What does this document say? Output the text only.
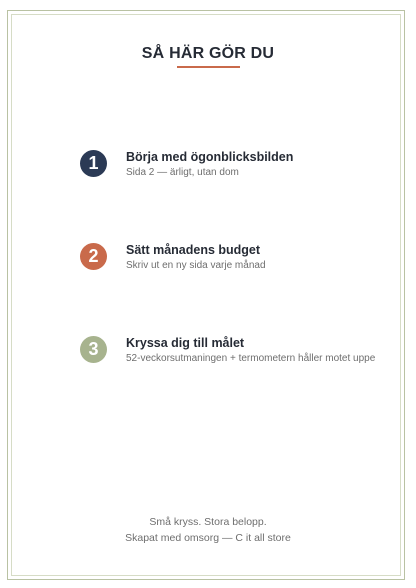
SÅ HÄR GÖR DU
1	Börja med ögonblicksbilden
Sida 2 — ärligt, utan dom
2	Sätt månadens budget
Skriv ut en ny sida varje månad
3	Kryssa dig till målet
52-veckorsutmaningen + termometern håller motet uppe
Små kryss. Stora belopp.
Skapat med omsorg — C it all store
